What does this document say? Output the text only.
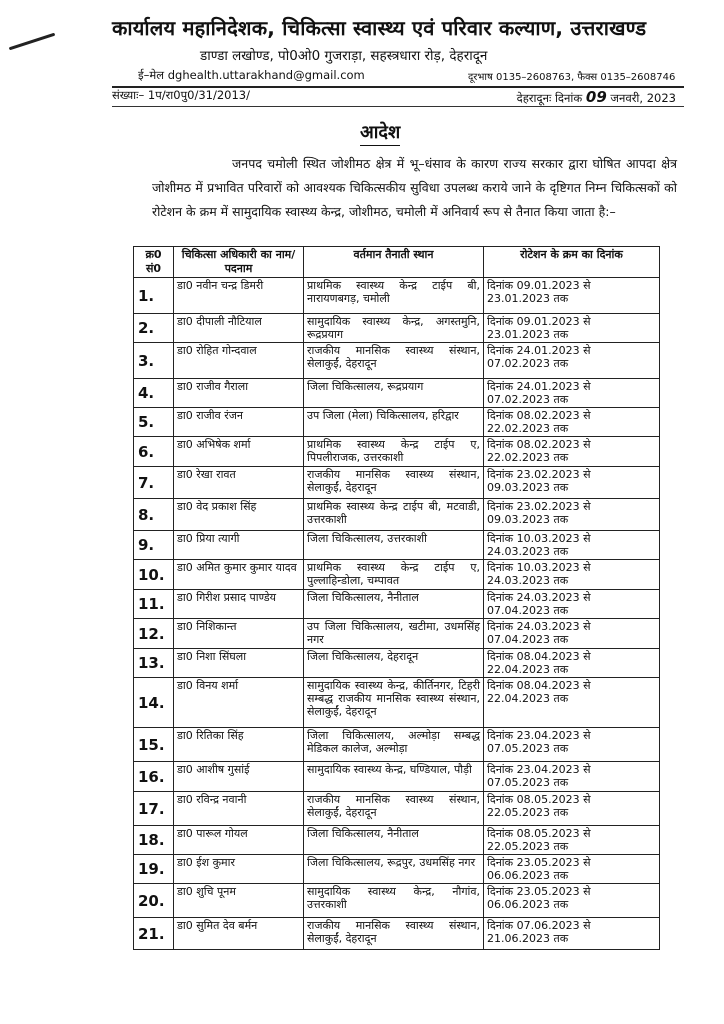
कार्यालय महानिदेशक, चिकित्सा स्वास्थ्य एवं परिवार कल्याण, उत्तराखण्ड
डाण्डा लखोण्ड, पो0ओ0 गुजराड़ा, सहस्त्रधारा रोड़, देहरादून
ई–मेल dghealth.uttarakhand@gmail.com	दूरभाष 0135–2608763, फैक्स 0135–2608746
संख्याः– 1प/रा0पु0/31/2013/	देहरादूनः दिनांक 09 जनवरी, 2023
आदेश
जनपद चमोली स्थित जोशीमठ क्षेत्र में भू–धंसाव के कारण राज्य सरकार द्वारा घोषित आपदा क्षेत्र जोशीमठ में प्रभावित परिवारों को आवश्यक चिकित्सकीय सुविधा उपलब्ध कराये जाने के दृष्टिगत निम्न चिकित्सकों को रोटेशन के क्रम में सामुदायिक स्वास्थ्य केन्द्र, जोशीमठ, चमोली में अनिवार्य रूप से तैनात किया जाता है:–
क्र0 सं0	चिकित्सा अधिकारी का नाम/पदनाम	वर्तमान तैनाती स्थान	रोटेशन के क्रम का दिनांक
1.	डा0 नवीन चन्द्र डिमरी	प्राथमिक स्वास्थ्य केन्द्र टाईप बी, नारायणबगड़, चमोली	दिनांक 09.01.2023 से 23.01.2023 तक
2.	डा0 दीपाली नौटियाल	सामुदायिक स्वास्थ्य केन्द्र, अगस्तमुनि, रूद्रप्रयाग	दिनांक 09.01.2023 से 23.01.2023 तक
3.	डा0 रोहित गोन्दवाल	राजकीय मानसिक स्वास्थ्य संस्थान, सेलाकुईं, देहरादून	दिनांक 24.01.2023 से 07.02.2023 तक
4.	डा0 राजीव गैराला	जिला चिकित्सालय, रूद्रप्रयाग	दिनांक 24.01.2023 से 07.02.2023 तक
5.	डा0 राजीव रंजन	उप जिला (मेला) चिकित्सालय, हरिद्वार	दिनांक 08.02.2023 से 22.02.2023 तक
6.	डा0 अभिषेक शर्मा	प्राथमिक स्वास्थ्य केन्द्र टाईप ए, पिपलीराजक, उत्तरकाशी	दिनांक 08.02.2023 से 22.02.2023 तक
7.	डा0 रेखा रावत	राजकीय मानसिक स्वास्थ्य संस्थान, सेलाकुईं, देहरादून	दिनांक 23.02.2023 से 09.03.2023 तक
8.	डा0 वेद प्रकाश सिंह	प्राथमिक स्वास्थ्य केन्द्र टाईप बी, मटवाडी, उत्तरकाशी	दिनांक 23.02.2023 से 09.03.2023 तक
9.	डा0 प्रिया त्यागी	जिला चिकित्सालय, उत्तरकाशी	दिनांक 10.03.2023 से 24.03.2023 तक
10.	डा0 अमित कुमार कुमार यादव	प्राथमिक स्वास्थ्य केन्द्र टाईप ए, पुल्लाहिन्डोला, चम्पावत	दिनांक 10.03.2023 से 24.03.2023 तक
11.	डा0 गिरीश प्रसाद पाण्डेय	जिला चिकित्सालय, नैनीताल	दिनांक 24.03.2023 से 07.04.2023 तक
12.	डा0 निशिकान्त	उप जिला चिकित्सालय, खटीमा, उधमसिंह नगर	दिनांक 24.03.2023 से 07.04.2023 तक
13.	डा0 निशा सिंघला	जिला चिकित्सालय, देहरादून	दिनांक 08.04.2023 से 22.04.2023 तक
14.	डा0 विनय शर्मा	सामुदायिक स्वास्थ्य केन्द्र, कीर्तिनगर, टिहरी सम्बद्ध राजकीय मानसिक स्वास्थ्य संस्थान, सेलाकुईं, देहरादून	दिनांक 08.04.2023 से 22.04.2023 तक
15.	डा0 रितिका सिंह	जिला चिकित्सालय, अल्मोड़ा सम्बद्ध मेडिकल कालेज, अल्मोड़ा	दिनांक 23.04.2023 से 07.05.2023 तक
16.	डा0 आशीष गुसांई	सामुदायिक स्वास्थ्य केन्द्र, घण्डियाल, पौड़ी	दिनांक 23.04.2023 से 07.05.2023 तक
17.	डा0 रविन्द्र नवानी	राजकीय मानसिक स्वास्थ्य संस्थान, सेलाकुईं, देहरादून	दिनांक 08.05.2023 से 22.05.2023 तक
18.	डा0 पारूल गोयल	जिला चिकित्सालय, नैनीताल	दिनांक 08.05.2023 से 22.05.2023 तक
19.	डा0 ईश कुमार	जिला चिकित्सालय, रूद्रपुर, उधमसिंह नगर	दिनांक 23.05.2023 से 06.06.2023 तक
20.	डा0 शुचि पूनम	सामुदायिक स्वास्थ्य केन्द्र, नौगांव, उत्तरकाशी	दिनांक 23.05.2023 से 06.06.2023 तक
21.	डा0 सुमित देव बर्मन	राजकीय मानसिक स्वास्थ्य संस्थान, सेलाकुईं, देहरादून	दिनांक 07.06.2023 से 21.06.2023 तक
